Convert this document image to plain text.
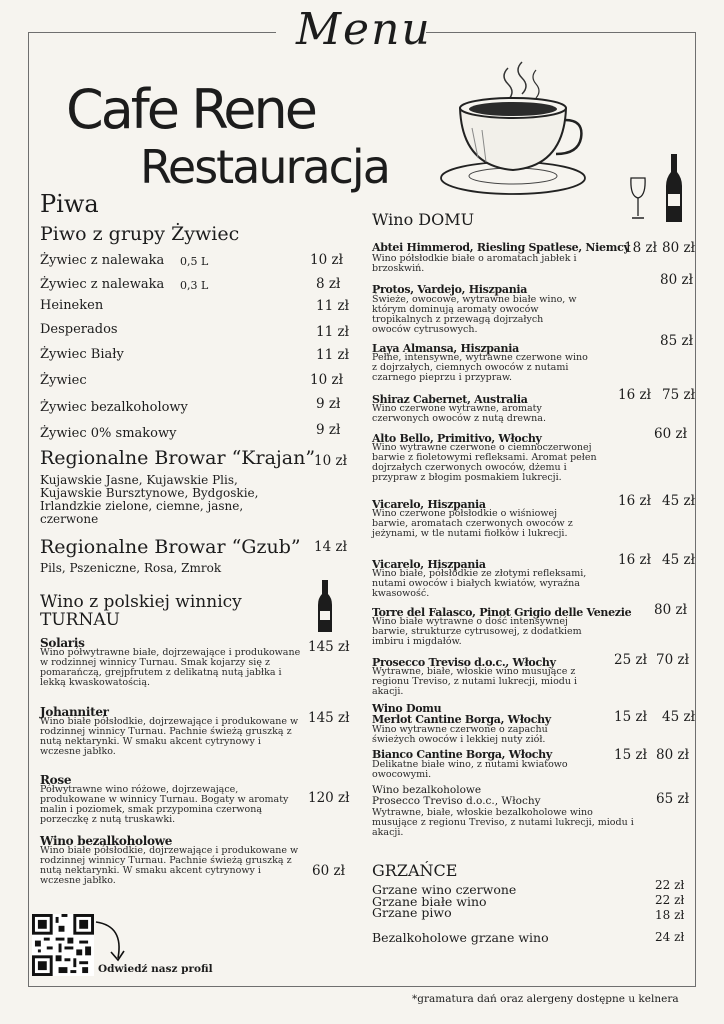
Menu
Cafe Rene
Restauracja
Piwa
Piwo z grupy Żywiec
Żywiec z nalewaka 0,5 L	10 zł
Żywiec z nalewaka 0,3 L	8 zł
Heineken	11 zł
Desperados	11 zł
Żywiec Biały	11 zł
Żywiec	10 zł
Żywiec bezalkoholowy	9 zł
Żywiec 0% smakowy	9 zł
Regionalne Browar “Krajan”
10 zł
Kujawskie Jasne, Kujawskie Plis, Kujawskie Bursztynowe, Bydgoskie, Irlandzkie zielone, ciemne, jasne, czerwone
Regionalne Browar “Gzub” 14 zł
Pils, Pszeniczne, Rosa, Zmrok
Wino z polskiej winnicy
TURNAU
Solaris	145 zł
Wino półwytrawne białe, dojrzewające i produkowane w rodzinnej winnicy Turnau. Smak kojarzy się z pomarańczą, grejpfrutem z delikatną nutą jabłka i lekką kwaskowatością.
Johanniter	145 zł
Wino białe półsłodkie, dojrzewające i produkowane w rodzinnej winnicy Turnau. Pachnie świeżą gruszką z nutą nektarynki. W smaku akcent cytrynowy i wczesne jabłko.
Rose
120 zł
Półwytrawne wino różowe, dojrzewające, produkowane w winnicy Turnau. Bogaty w aromaty malin i poziomek, smak przypomina czerwoną porzeczkę z nutą truskawki.
Wino bezalkoholowe
60 zł
Wino białe półsłodkie, dojrzewające i produkowane w rodzinnej winnicy Turnau. Pachnie świeżą gruszką z nutą nektarynki. W smaku akcent cytrynowy i wczesne jabłko.
Odwiedź nasz profil
Wino DOMU
Abtei Himmerod, Riesling Spatlese, Niemcy
18 zł 80 zł
Wino półsłodkie białe o aromatach jabłek i brzoskwiń.
Protos, Vardejo, Hiszpania
80 zł
Świeże, owocowe, wytrawne białe wino, w którym dominują aromaty owoców tropikalnych z przewagą dojrzałych owoców cytrusowych.
Laya Almansa, Hiszpania	85 zł
Pełne, intensywne, wytrawne czerwone wino z dojrzałych, ciemnych owoców z nutami czarnego pieprzu i przypraw.
Shiraz Cabernet, Australia	16 zł 75 zł
Wino czerwone wytrawne, aromaty czerwonych owoców z nutą drewna.
Alto Bello, Primitivo, Włochy	60 zł
Wino wytrawne czerwone o ciemnoczerwonej barwie z fioletowymi refleksami. Aromat pełen dojrzałych czerwonych owoców, dżemu i przypraw z błogim posmakiem lukrecji.
Vicarelo, Hiszpania	16 zł 45 zł
Wino czerwone półsłodkie o wiśniowej barwie, aromatach czerwonych owoców z jeżynami, w tle nutami fiołków i lukrecji.
Vicarelo, Hiszpania	16 zł 45 zł
Wino białe, półsłodkie ze złotymi refleksami, nutami owoców i białych kwiatów, wyraźna kwasowość.
Torre del Falasco, Pinot Grigio delle Venezie 80 zł
Wino białe wytrawne o dość intensywnej barwie, strukturze cytrusowej, z dodatkiem imbiru i migdałów.
Prosecco Treviso d.o.c., Włochy	25 zł 70 zł
Wytrawne, białe, włoskie wino musujące z regionu Treviso, z nutami lukrecji, miodu i akacji.
Wino Domu
Merlot Cantine Borga, Włochy	15 zł 45 zł
Wino wytrawne czerwone o zapachu świeżych owoców i lekkiej nuty ziół.
Bianco Cantine Borga, Włochy	15 zł 80 zł
Delikatne białe wino, z nutami kwiatowo owocowymi.
Wino bezalkoholowe
Prosecco Treviso d.o.c., Włochy	65 zł
Wytrawne, białe, włoskie bezalkoholowe wino musujące z regionu Treviso, z nutami lukrecji, miodu i akacji.
GRZAŃCE
Grzane wino czerwone	22 zł
Grzane białe wino	22 zł
Grzane piwo	18 zł
Bezalkoholowe grzane wino	24 zł
*gramatura dań oraz alergeny dostępne u kelnera
